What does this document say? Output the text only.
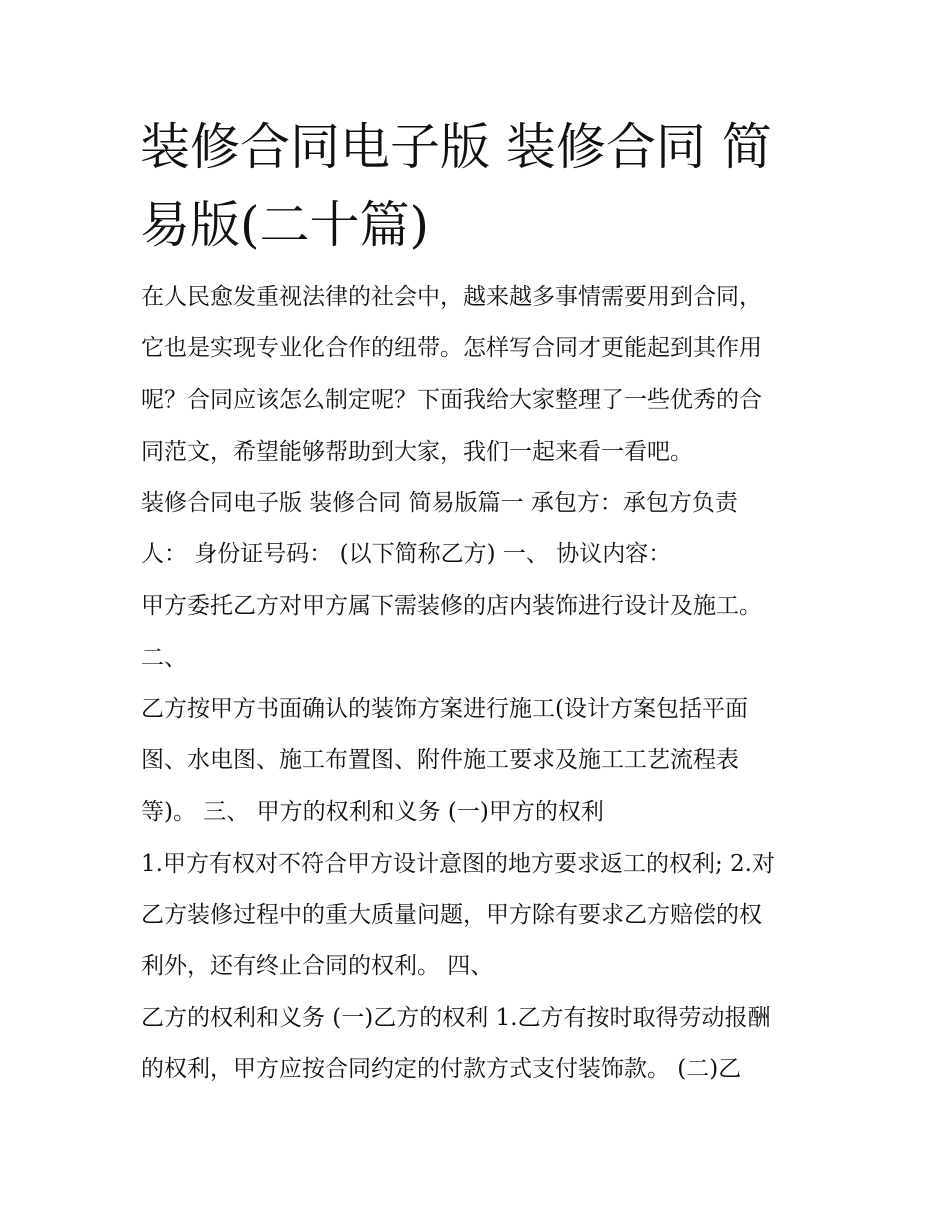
装修合同电子版 装修合同 简
易版(二十篇)
在人民愈发重视法律的社会中，越来越多事情需要用到合同，
它也是实现专业化合作的纽带。怎样写合同才更能起到其作用
呢？合同应该怎么制定呢？下面我给大家整理了一些优秀的合
同范文，希望能够帮助到大家，我们一起来看一看吧。
装修合同电子版 装修合同 简易版篇一 承包方：承包方负责
人： 身份证号码： (以下简称乙方) 一、 协议内容：
甲方委托乙方对甲方属下需装修的店内装饰进行设计及施工。
二、
乙方按甲方书面确认的装饰方案进行施工(设计方案包括平面
图、水电图、施工布置图、附件施工要求及施工工艺流程表
等)。 三、 甲方的权利和义务 (一)甲方的权利
1.甲方有权对不符合甲方设计意图的地方要求返工的权利; 2.对
乙方装修过程中的重大质量问题，甲方除有要求乙方赔偿的权
利外，还有终止合同的权利。 四、
乙方的权利和义务 (一)乙方的权利 1.乙方有按时取得劳动报酬
的权利，甲方应按合同约定的付款方式支付装饰款。 (二)乙
